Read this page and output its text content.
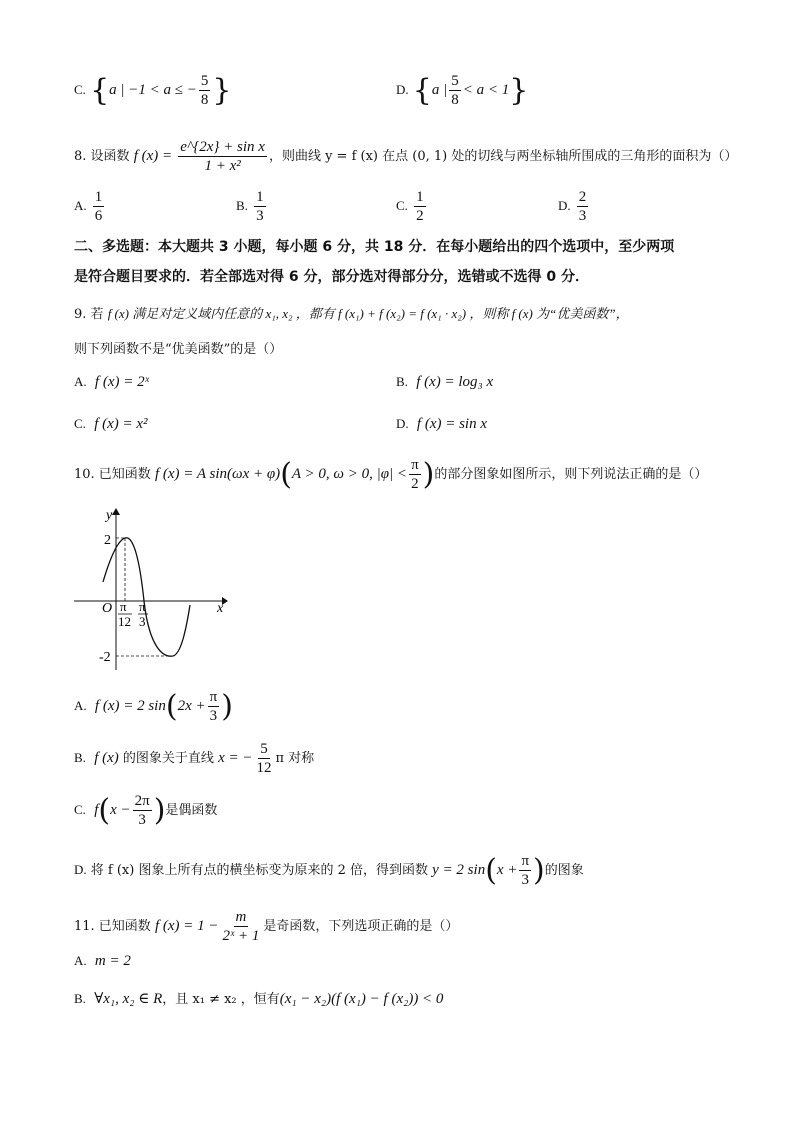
C. {a | −1 < a ≤ − $\frac{5}{8}$ }	D. {a | $\frac{5}{8} < a < 1$}
8. 设函数 f $(x) = \frac{\text{e\textasciicircum{}\{2x\} + sin x}}{\text{1 + x²}}$ ，则曲线 y = f (x) 在点 (0, 1) 处的切线与两坐标轴所围成的三角形的面积为（）
A. $\frac{1}{6}$	B. $\frac{1}{3}$	C. $\frac{1}{2}$	D. $\frac{2}{3}$
二、多选题：本大题共 3 小题，每小题 6 分，共 18 分．在每小题给出的四个选项中，至少两项
是符合题目要求的．若全部选对得 6 分，部分选对得部分分，选错或不选得 0 分．
9. 若 f (x) 满足对定义域内任意的 x₁, x₂ ，都有 f (x₁) + f (x₂) = f (x₁ · x₂) ，则称 f (x) 为“优美函数”，
则下列函数不是“优美函数”的是（）
A. f (x) = 2ˣ	B. f (x) = log₃ x
C. f (x) = x²	D. f (x) = sin x
10. 已知函数 f (x) = A sin(ωx + φ)(A > 0, ω > 0, $|\varphi| < \frac{\pi}{2}$ )的部分图象如图所示，则下列说法正确的是（）
y
x
O
2
-2
π
12
π
3
A. f (x) = 2 $\sin(2x + \frac{\pi}{3}$ )
B. f (x) 的图象关于直线 x = − $\frac{5}{12}$ π 对称
C. $f(x - \frac{2\pi}{3}$ )是偶函数
D. 将 f (x) 图象上所有点的横坐标变为原来的 2 倍，得到函数 y = 2 $\sin(x + \frac{\pi}{3}$ )的图象
11. 已知函数 f $(x) = 1 - \frac{m}{\text{2ˣ + 1}}$ 是奇函数，下列选项正确的是（）
A. m = 2
B. ∀x₁, x₂ ∈ R，且 x₁ ≠ x₂ ，恒有(x₁ − x₂)(f (x₁) − f (x₂)) < 0
